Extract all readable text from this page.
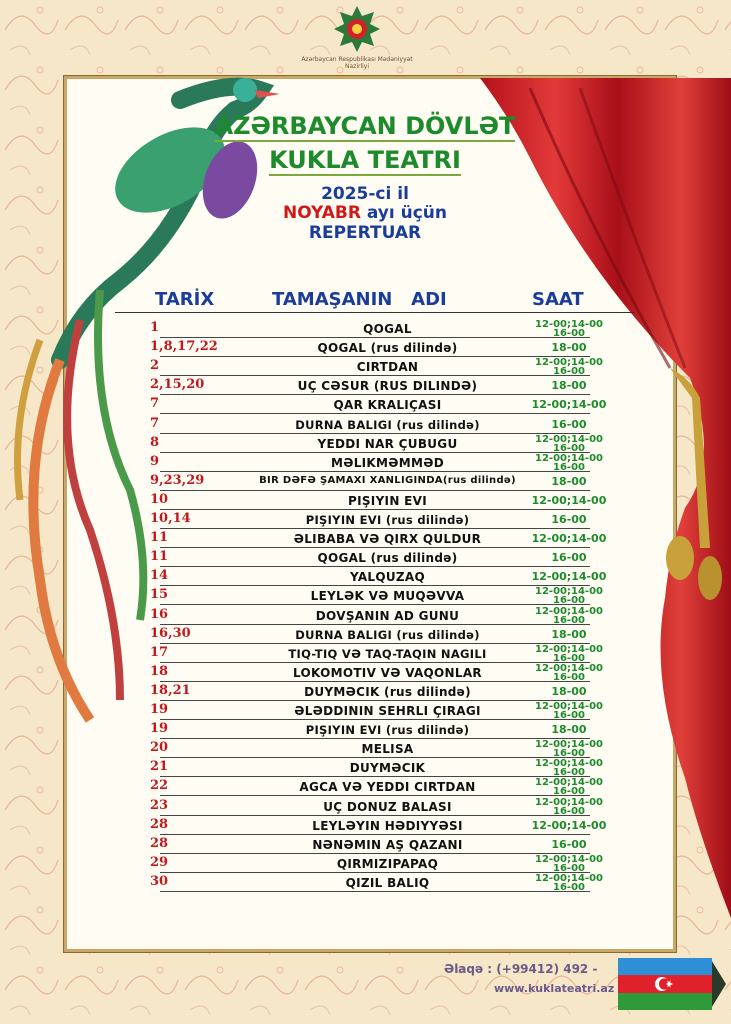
Azərbaycan Respublikası Mədəniyyət Nazirliyi
AZƏRBAYCAN DÖVLƏT
KUKLA TEATRI
2025-ci il
NOYABR ayı üçün
REPERTUAR
TARİX	TAMAŞANIN   ADI	SAAT
1	QOGAL	12-00;14-00
16-00
1,8,17,22	QOGAL (rus dilində)	18-00
2	CIRTDAN	12-00;14-00
16-00
2,15,20	UÇ CƏSUR (RUS DILINDƏ)	18-00
7	QAR KRALIÇASI	12-00;14-00
7	DURNA BALIGI (rus dilində)	16-00
8	YEDDI NAR ÇUBUGU	12-00;14-00
16-00
9	MƏLIKMƏMMƏD	12-00;14-00
16-00
9,23,29	BIR DƏFƏ ŞAMAXI XANLIGINDA(rus dilində)	18-00
10	PIŞIYIN EVI	12-00;14-00
10,14	PIŞIYIN EVI (rus dilində)	16-00
11	ƏLIBABA VƏ QIRX QULDUR	12-00;14-00
11	QOGAL (rus dilində)	16-00
14	YALQUZAQ	12-00;14-00
15	LEYLƏK VƏ MUQƏVVA	12-00;14-00
16-00
16	DOVŞANIN AD GUNU	12-00;14-00
16-00
16,30	DURNA BALIGI (rus dilində)	18-00
17	TIQ-TIQ VƏ TAQ-TAQIN NAGILI	12-00;14-00
16-00
18	LOKOMOTIV VƏ VAQONLAR	12-00;14-00
16-00
18,21	DUYMƏCIK (rus dilində)	18-00
19	ƏLƏDDININ SEHRLI ÇIRAGI	12-00;14-00
16-00
19	PIŞIYIN EVI (rus dilində)	18-00
20	MELISA	12-00;14-00
16-00
21	DUYMƏCIK	12-00;14-00
16-00
22	AGCA VƏ YEDDI CIRTDAN	12-00;14-00
16-00
23	UÇ DONUZ BALASI	12-00;14-00
16-00
28	LEYLƏYIN HƏDIYYƏSI	12-00;14-00
28	NƏNƏMIN AŞ QAZANI	16-00
29	QIRMIZIPAPAQ	12-00;14-00
16-00
30	QIZIL BALIQ	12-00;14-00
16-00
Əlaqə : (+99412) 492 -
www.kuklateatri.az
